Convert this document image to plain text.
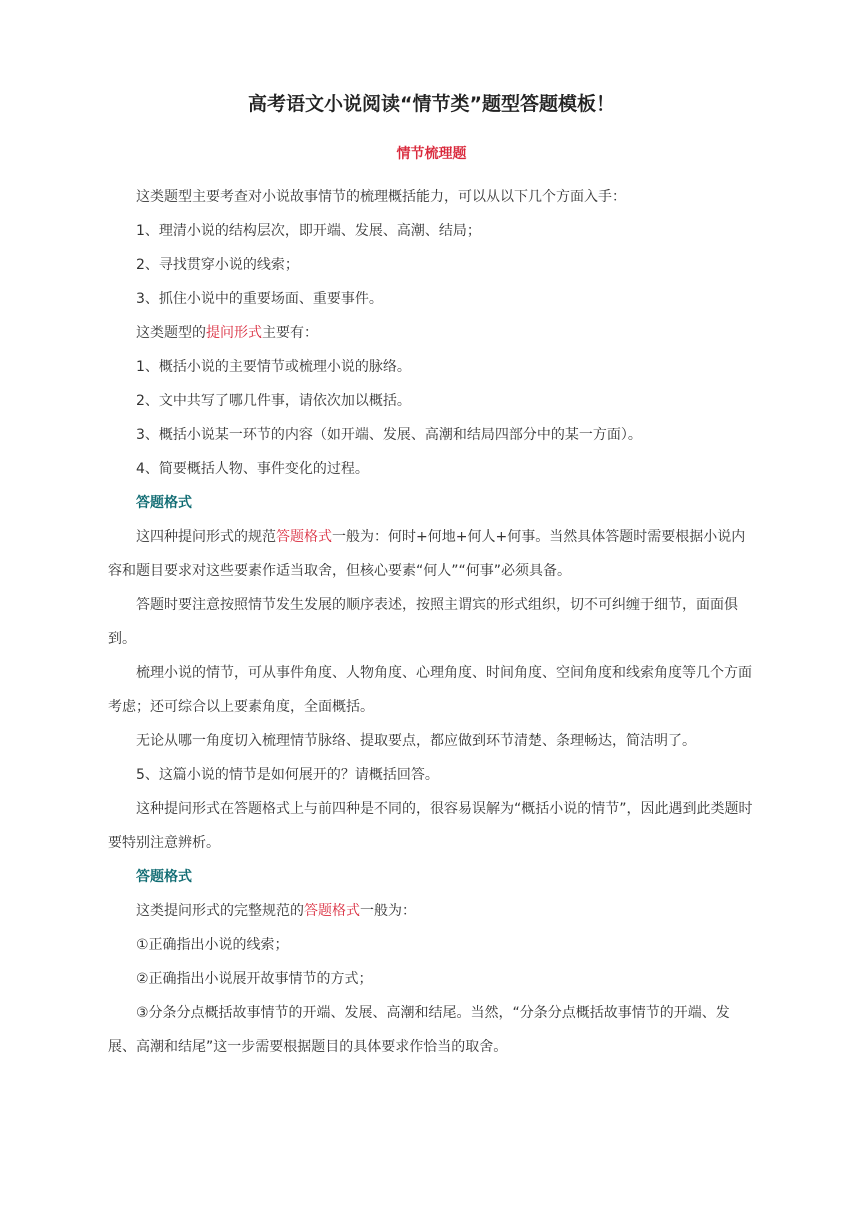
高考语文小说阅读“情节类”题型答题模板！
情节梳理题

这类题型主要考查对小说故事情节的梳理概括能力，可以从以下几个方面入手：

1、理清小说的结构层次，即开端、发展、高潮、结局；

2、寻找贯穿小说的线索；

3、抓住小说中的重要场面、重要事件。

这类题型的提问形式主要有：

1、概括小说的主要情节或梳理小说的脉络。

2、文中共写了哪几件事，请依次加以概括。

3、概括小说某一环节的内容（如开端、发展、高潮和结局四部分中的某一方面）。

4、简要概括人物、事件变化的过程。

答题格式

这四种提问形式的规范答题格式一般为：何时+何地+何人+何事。当然具体答题时需要根据小说内容和题目要求对这些要素作适当取舍，但核心要素“何人”“何事”必须具备。

答题时要注意按照情节发生发展的顺序表述，按照主谓宾的形式组织，切不可纠缠于细节，面面俱到。

梳理小说的情节，可从事件角度、人物角度、心理角度、时间角度、空间角度和线索角度等几个方面考虑；还可综合以上要素角度，全面概括。

无论从哪一角度切入梳理情节脉络、提取要点，都应做到环节清楚、条理畅达，简洁明了。

5、这篇小说的情节是如何展开的？请概括回答。

这种提问形式在答题格式上与前四种是不同的，很容易误解为“概括小说的情节”，因此遇到此类题时要特别注意辨析。

答题格式

这类提问形式的完整规范的答题格式一般为：

①正确指出小说的线索；

②正确指出小说展开故事情节的方式；

③分条分点概括故事情节的开端、发展、高潮和结尾。当然，“分条分点概括故事情节的开端、发展、高潮和结尾”这一步需要根据题目的具体要求作恰当的取舍。
